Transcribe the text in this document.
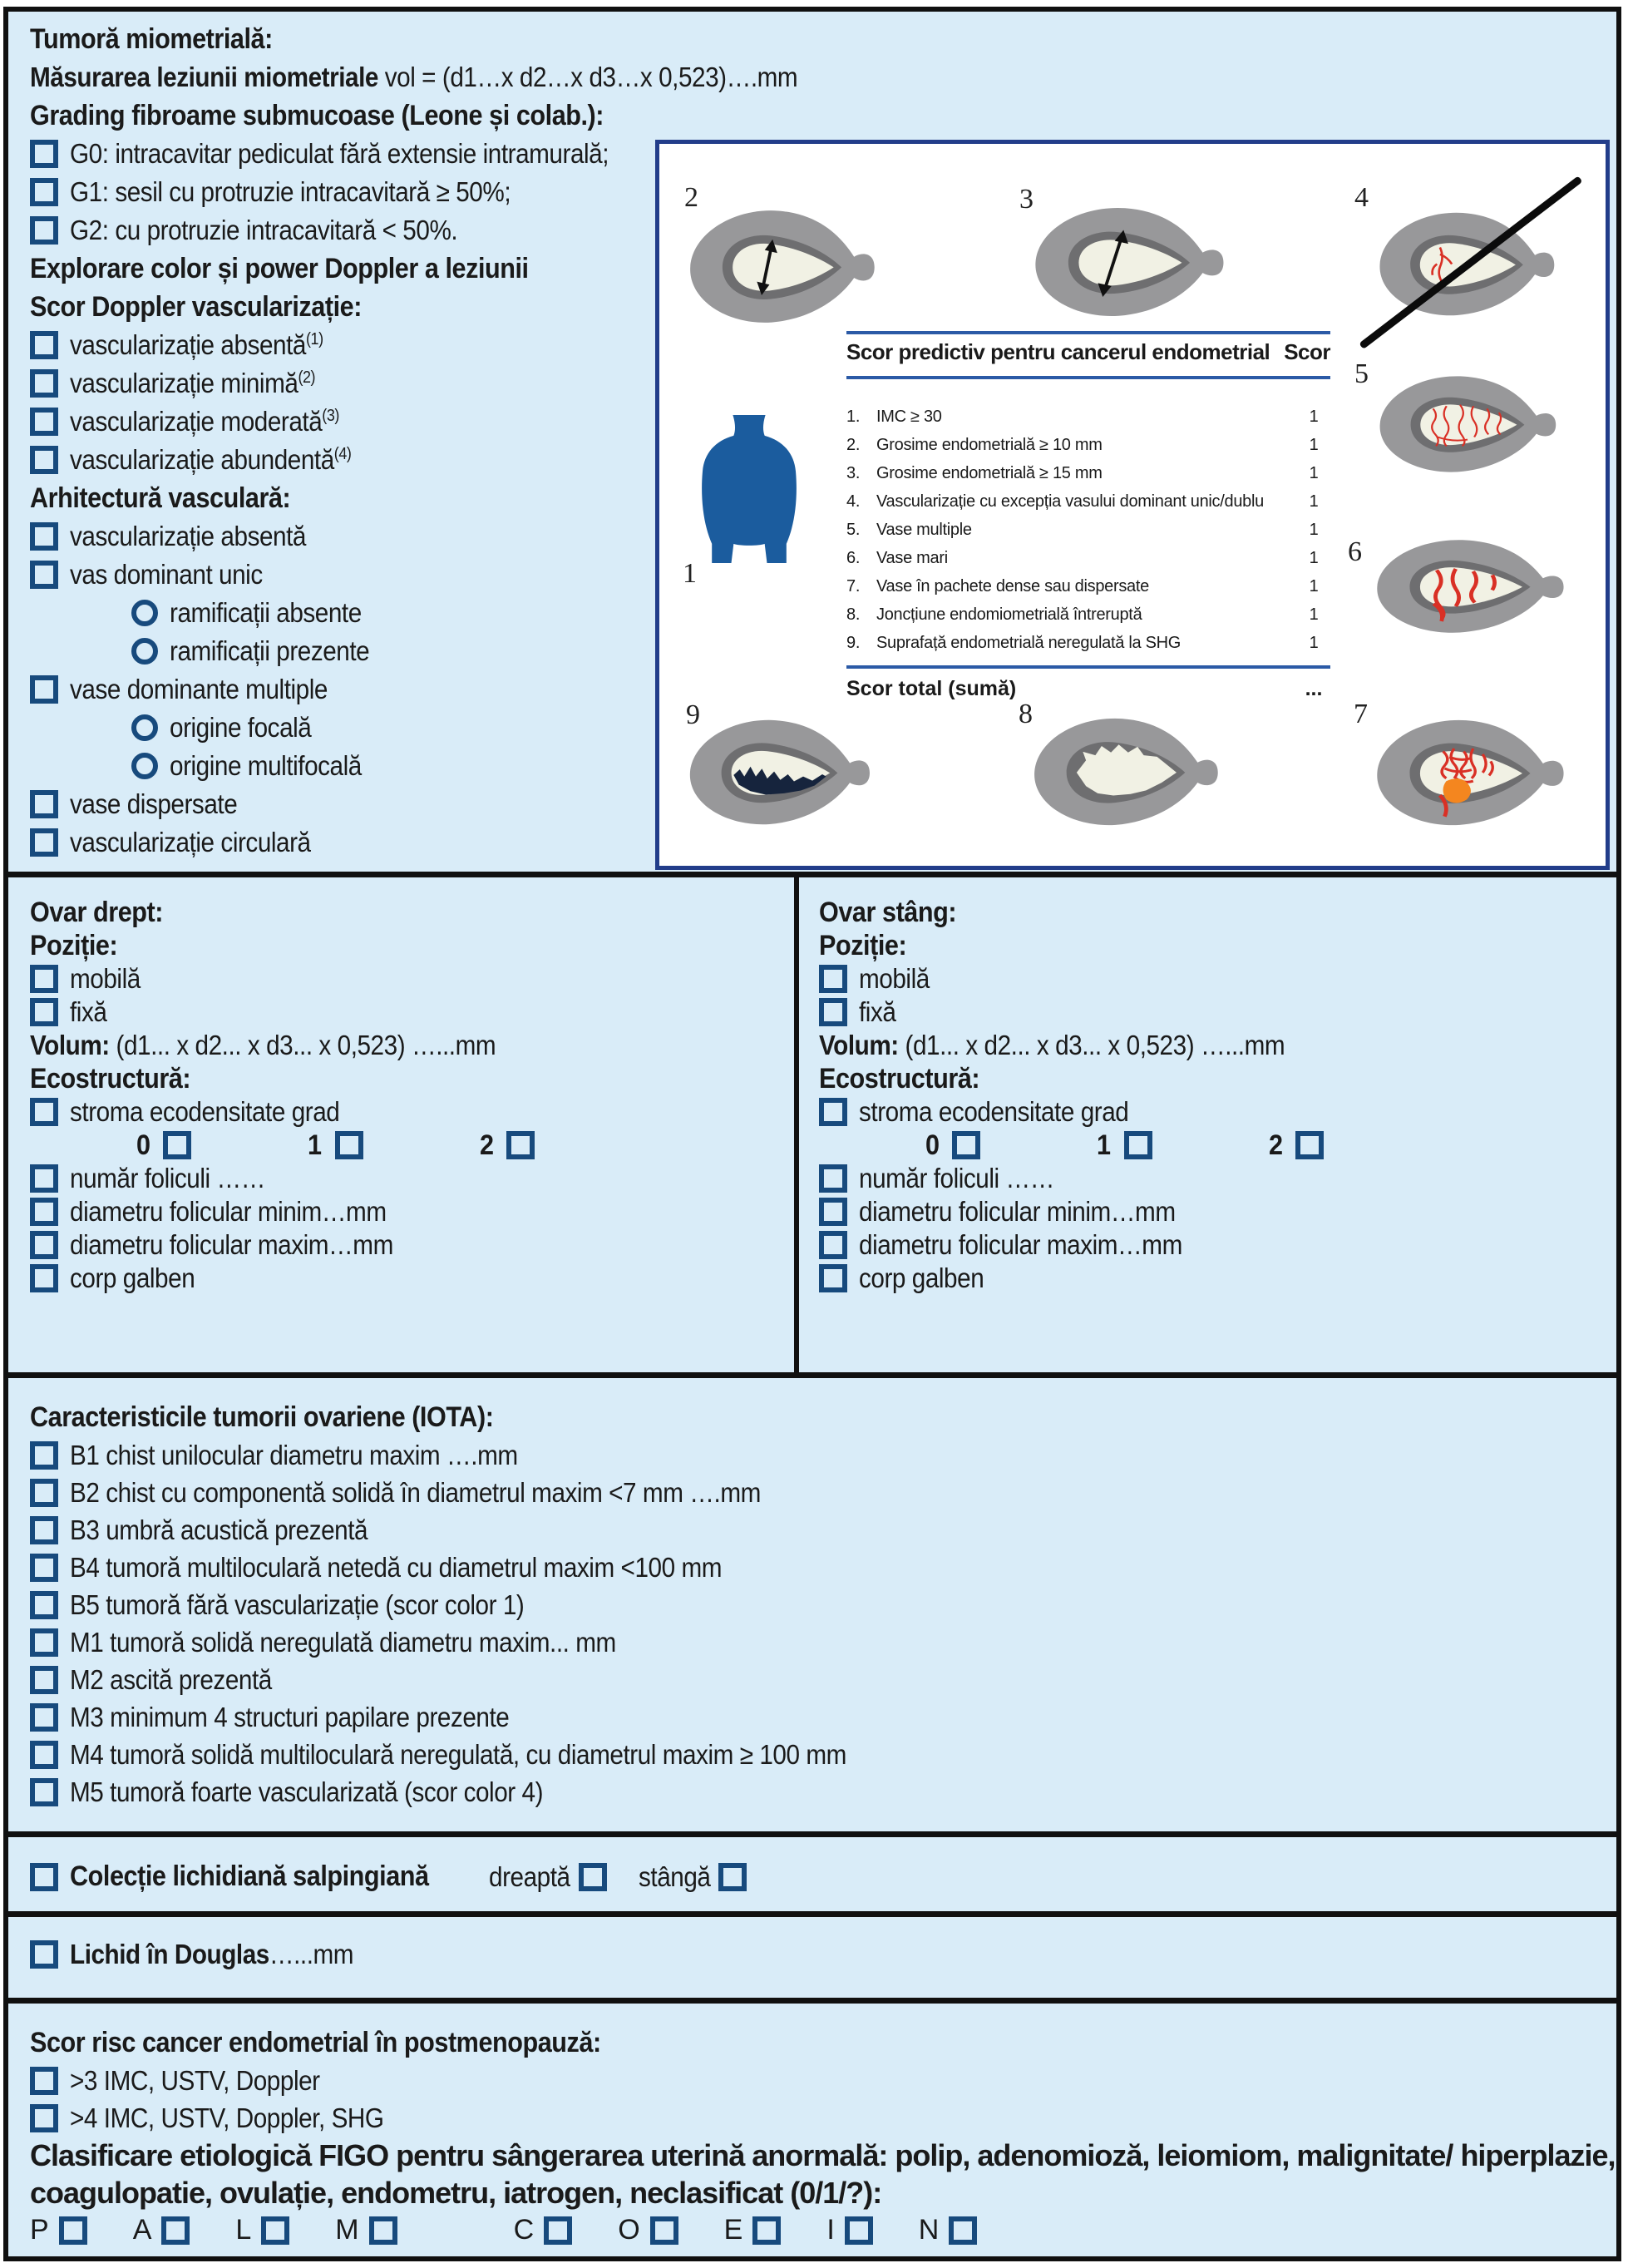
Tumoră miometrială:
Măsurarea leziunii miometriale vol = (d1…x d2…x d3…x 0,523)….mm
Grading fibroame submucoase (Leone și colab.):
G0: intracavitar pediculat fără extensie intramurală;
G1: sesil cu protruzie intracavitară ≥ 50%;
G2: cu protruzie intracavitară < 50%.
Explorare color și power Doppler a leziunii
Scor Doppler vascularizație:
vascularizație absentă$^{(1)}$
vascularizație minimă$^{(2)}$
vascularizație moderată$^{(3)}$
vascularizație abundentă$^{(4)}$
Arhitectură vasculară:
vascularizație absentă
vas dominant unic
ramificații absente
ramificații prezente
vase dominante multiple
origine focală
origine multifocală
vase dispersate
vascularizație circulară
2	3	4
5
6
1
9	8	7
Scor predictiv pentru cancerul endometrial Scor
1. IMC ≥ 30	1
2. Grosime endometrială ≥ 10 mm	1
3. Grosime endometrială ≥ 15 mm	1
4. Vascularizație cu excepția vasului dominant unic/dublu	1
5. Vase multiple	1
6. Vase mari	1
7. Vase în pachete dense sau dispersate	1
8. Joncțiune endomiometrială întreruptă	1
9. Suprafață endometrială neregulată la SHG	1
Scor total (sumă)	...
Ovar drept:
Poziție:
mobilă
fixă
Volum: (d1... x d2... x d3... x 0,523) …...mm
Ecostructură:
stroma ecodensitate grad
0	1	2
număr foliculi ……
diametru folicular minim…mm
diametru folicular maxim…mm
corp galben
Ovar stâng:
Poziție:
mobilă
fixă
Volum: (d1... x d2... x d3... x 0,523) …...mm
Ecostructură:
stroma ecodensitate grad
0	1	2
număr foliculi ……
diametru folicular minim…mm
diametru folicular maxim…mm
corp galben
Caracteristicile tumorii ovariene (IOTA):
B1 chist unilocular diametru maxim ….mm
B2 chist cu componentă solidă în diametrul maxim <7 mm ….mm
B3 umbră acustică prezentă
B4 tumoră multiloculară netedă cu diametrul maxim <100 mm
B5 tumoră fără vascularizație (scor color 1)
M1 tumoră solidă neregulată diametru maxim... mm
M2 ascită prezentă
M3 minimum 4 structuri papilare prezente
M4 tumoră solidă multiloculară neregulată, cu diametrul maxim ≥ 100 mm
M5 tumoră foarte vascularizată (scor color 4)
Colecție lichidiană salpingiană dreaptă	stângă
Lichid în Douglas…...mm
Scor risc cancer endometrial în postmenopauză:
>3 IMC, USTV, Doppler
>4 IMC, USTV, Doppler, SHG
Clasificare etiologică FIGO pentru sângerarea uterină anormală: polip, adenomioză, leiomiom, malignitate/ hiperplazie,
coagulopatie, ovulație, endometru, iatrogen, neclasificat (0/1/?):
P	A	L	M	C	O	E	I	N
